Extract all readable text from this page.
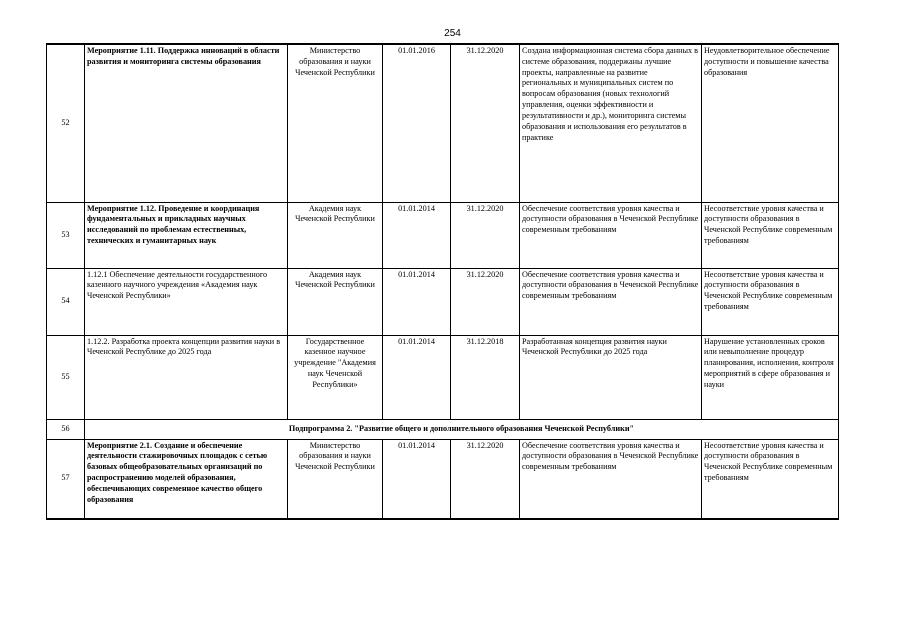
254
52	Мероприятие 1.11. Поддержка инноваций в области развития и мониторинга системы образования	Министерство образования и науки Чеченской Республики	01.01.2016	31.12.2020	Создана информационная система сбора данных в системе образования, поддержаны лучшие проекты, направленные на развитие региональных и муниципальных систем по вопросам образования (новых технологий управления, оценки эффективности и результативности и др.), мониторинга системы образования и использования его результатов в практике	Неудовлетворительное обеспечение доступности и повышение качества образования
53	Мероприятие 1.12. Проведение и координация фундаментальных и прикладных научных исследований по проблемам естественных, технических и гуманитарных наук	Академия наук Чеченской Республики	01.01.2014	31.12.2020	Обеспечение соответствия уровня качества и доступности образования в Чеченской Республике современным требованиям	Несоответствие уровня качества и доступности образования в Чеченской Республике современным требованиям
54	1.12.1 Обеспечение деятельности государственного казенного научного учреждения «Академия наук Чеченской Республики»	Академия наук Чеченской Республики	01.01.2014	31.12.2020	Обеспечение соответствия уровня качества и доступности образования в Чеченской Республике современным требованиям	Несоответствие уровня качества и доступности образования в Чеченской Республике современным требованиям
55	1.12.2. Разработка проекта концепции развития науки в Чеченской Республике до 2025 года	Государственное казенное научное учреждение "Академия наук Чеченской Республики»	01.01.2014	31.12.2018	Разработанная концепция развития науки Чеченской Республики до 2025 года	Нарушение установленных сроков или невыполнение процедур планирования, исполнения, контроля мероприятий в сфере образования и науки
56	Подпрограмма 2. "Развитие общего и дополнительного образования Чеченской Республики"					
57	Мероприятие 2.1. Создание и обеспечение деятельности стажировочных площадок с сетью базовых общеобразовательных организаций по распространению моделей образования, обеспечивающих современное качество общего образования	Министерство образования и науки Чеченской Республики	01.01.2014	31.12.2020	Обеспечение соответствия уровня качества и доступности образования в Чеченской Республике современным требованиям	Несоответствие уровня качества и доступности образования в Чеченской Республике современным требованиям
